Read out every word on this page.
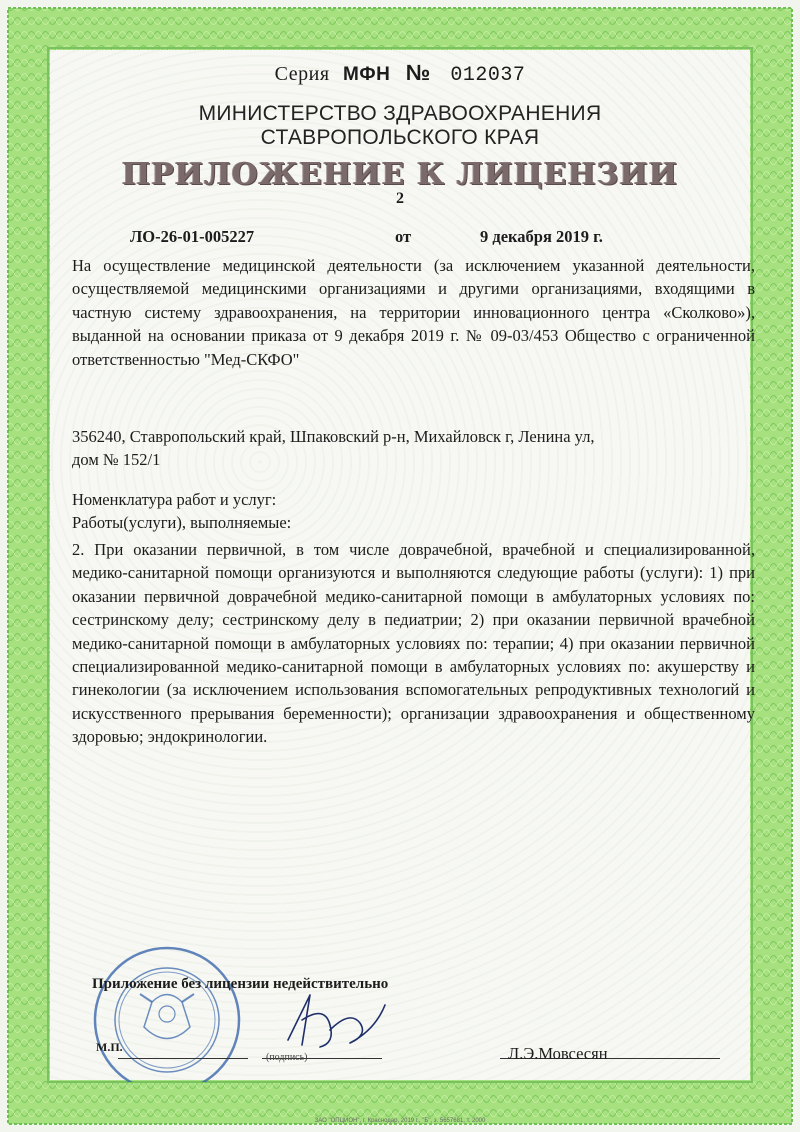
Серия МФН № 012037
МИНИСТЕРСТВО ЗДРАВООХРАНЕНИЯ
СТАВРОПОЛЬСКОГО КРАЯ
ПРИЛОЖЕНИЕ К ЛИЦЕНЗИИ
2
ЛО-26-01-005227	от	9 декабря 2019 г.
На осуществление медицинской деятельности (за исключением указанной деятельности, осуществляемой медицинскими организациями и другими организациями, входящими в частную систему здравоохранения, на территории инновационного центра «Сколково»), выданной на основании приказа от 9 декабря 2019 г. № 09-03/453 Общество с ограниченной ответственностью "Мед-СКФО"
356240, Ставропольский край, Шпаковский р-н, Михайловск г, Ленина ул,
дом № 152/1
Номенклатура работ и услуг:
Работы(услуги), выполняемые:
2. При оказании первичной, в том числе доврачебной, врачебной и специализированной, медико-санитарной помощи организуются и выполняются следующие работы (услуги): 1) при оказании первичной доврачебной медико-санитарной помощи в амбулаторных условиях по: сестринскому делу; сестринскому делу в педиатрии; 2) при оказании первичной врачебной медико-санитарной помощи в амбулаторных условиях по: терапии; 4) при оказании первичной специализированной медико-санитарной помощи в амбулаторных условиях по: акушерству и гинекологии (за исключением использования вспомогательных репродуктивных технологий и искусственного прерывания беременности); организации здравоохранения и общественному здоровью; эндокринологии.
Приложение без лицензии недействительно
М.П.
(подпись)	Л.Э.Мовсесян
ЗАО "ОПЦИОН", г. Краснодар, 2019 г., "Б", з. 5657681, т. 2000
